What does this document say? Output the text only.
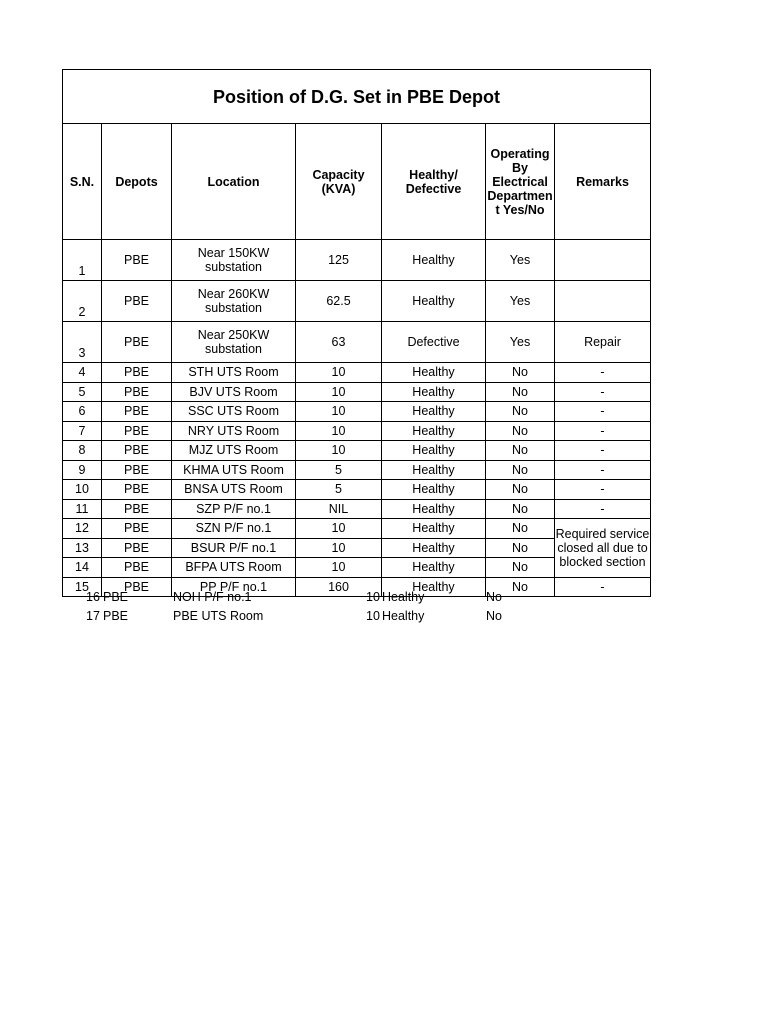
Position of D.G. Set in PBE Depot						
S.N.	Depots	Location	Capacity (KVA)	Healthy/ Defective	Operating By Electrical Departmen t Yes/No	Remarks
1	PBE	Near 150KW substation	125	Healthy	Yes	
2	PBE	Near 260KW substation	62.5	Healthy	Yes	
3	PBE	Near 250KW substation	63	Defective	Yes	Repair
4	PBE	STH UTS Room	10	Healthy	No	-
5	PBE	BJV UTS Room	10	Healthy	No	-
6	PBE	SSC UTS Room	10	Healthy	No	-
7	PBE	NRY UTS Room	10	Healthy	No	-
8	PBE	MJZ UTS Room	10	Healthy	No	-
9	PBE	KHMA UTS Room	5	Healthy	No	-
10	PBE	BNSA UTS Room	5	Healthy	No	-
11	PBE	SZP P/F no.1	NIL	Healthy	No	-
12	PBE	SZN P/F no.1	10	Healthy	No	Required service closed all due to blocked section
13	PBE	BSUR P/F no.1	10	Healthy	No	
14	PBE	BFPA UTS Room	10	Healthy	No	
15	PBE	PP P/F no.1	160	Healthy	No	-
16 PBE	NOH P/F no.1	10 Healthy	No
17 PBE	PBE UTS Room	10 Healthy	No
